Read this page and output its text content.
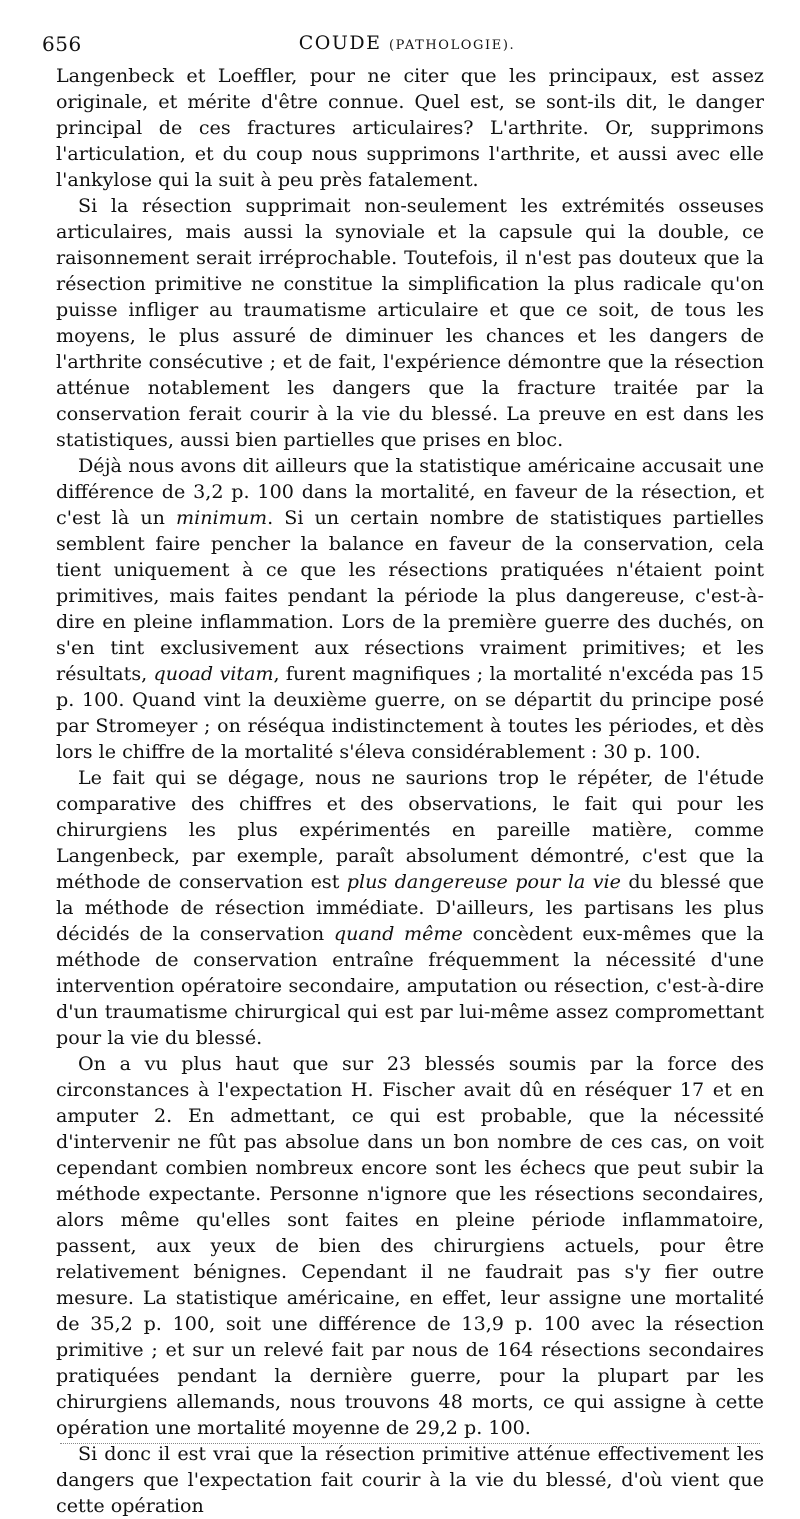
656	COUDE (PATHOLOGIE).

Langenbeck et Loeffler, pour ne citer que les principaux, est assez originale, et mérite d'être connue. Quel est, se sont-ils dit, le danger principal de ces fractures articulaires? L'arthrite. Or, supprimons l'articulation, et du coup nous supprimons l'arthrite, et aussi avec elle l'ankylose qui la suit à peu près fatalement.

Si la résection supprimait non-seulement les extrémités osseuses articulaires, mais aussi la synoviale et la capsule qui la double, ce raisonnement serait irréprochable. Toutefois, il n'est pas douteux que la résection primitive ne constitue la simplification la plus radicale qu'on puisse infliger au traumatisme articulaire et que ce soit, de tous les moyens, le plus assuré de diminuer les chances et les dangers de l'arthrite consécutive ; et de fait, l'expérience démontre que la résection atténue notablement les dangers que la fracture traitée par la conservation ferait courir à la vie du blessé. La preuve en est dans les statistiques, aussi bien partielles que prises en bloc.

Déjà nous avons dit ailleurs que la statistique américaine accusait une différence de 3,2 p. 100 dans la mortalité, en faveur de la résection, et c'est là un minimum. Si un certain nombre de statistiques partielles semblent faire pencher la balance en faveur de la conservation, cela tient uniquement à ce que les résections pratiquées n'étaient point primitives, mais faites pendant la période la plus dangereuse, c'est-à-dire en pleine inflammation. Lors de la première guerre des duchés, on s'en tint exclusivement aux résections vraiment primitives; et les résultats, quoad vitam, furent magnifiques ; la mortalité n'excéda pas 15 p. 100. Quand vint la deuxième guerre, on se départit du principe posé par Stromeyer ; on réséqua indistinctement à toutes les périodes, et dès lors le chiffre de la mortalité s'éleva considérablement : 30 p. 100.

Le fait qui se dégage, nous ne saurions trop le répéter, de l'étude comparative des chiffres et des observations, le fait qui pour les chirurgiens les plus expérimentés en pareille matière, comme Langenbeck, par exemple, paraît absolument démontré, c'est que la méthode de conservation est plus dangereuse pour la vie du blessé que la méthode de résection immédiate. D'ailleurs, les partisans les plus décidés de la conservation quand même concèdent eux-mêmes que la méthode de conservation entraîne fréquemment la nécessité d'une intervention opératoire secondaire, amputation ou résection, c'est-à-dire d'un traumatisme chirurgical qui est par lui-même assez compromettant pour la vie du blessé.

On a vu plus haut que sur 23 blessés soumis par la force des circonstances à l'expectation H. Fischer avait dû en réséquer 17 et en amputer 2. En admettant, ce qui est probable, que la nécessité d'intervenir ne fût pas absolue dans un bon nombre de ces cas, on voit cependant combien nombreux encore sont les échecs que peut subir la méthode expectante. Personne n'ignore que les résections secondaires, alors même qu'elles sont faites en pleine période inflammatoire, passent, aux yeux de bien des chirurgiens actuels, pour être relativement bénignes. Cependant il ne faudrait pas s'y fier outre mesure. La statistique américaine, en effet, leur assigne une mortalité de 35,2 p. 100, soit une différence de 13,9 p. 100 avec la résection primitive ; et sur un relevé fait par nous de 164 résections secondaires pratiquées pendant la dernière guerre, pour la plupart par les chirurgiens allemands, nous trouvons 48 morts, ce qui assigne à cette opération une mortalité moyenne de 29,2 p. 100.

Si donc il est vrai que la résection primitive atténue effectivement les dangers que l'expectation fait courir à la vie du blessé, d'où vient que cette opération
